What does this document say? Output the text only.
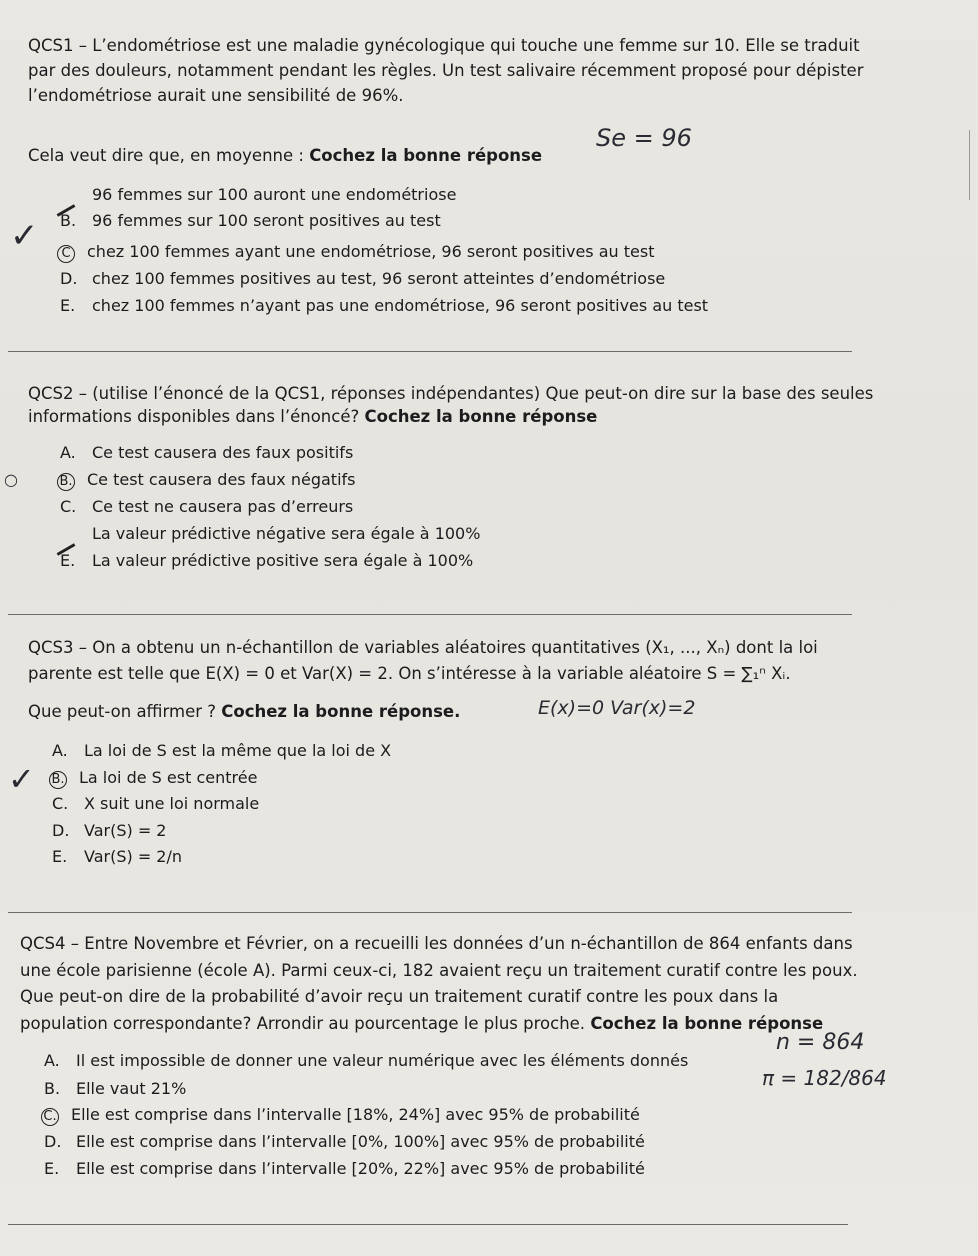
QCS1 – L’endométriose est une maladie gynécologique qui touche une femme sur 10. Elle se traduit
par des douleurs, notamment pendant les règles. Un test salivaire récemment proposé pour dépister
l’endométriose aurait une sensibilité de 96%.
Cela veut dire que, en moyenne : Cochez la bonne réponse
Se = 96
96 femmes sur 100 auront une endométriose
B. 96 femmes sur 100 seront positives au test
✓ C chez 100 femmes ayant une endométriose, 96 seront positives au test
D. chez 100 femmes positives au test, 96 seront atteintes d’endométriose
E. chez 100 femmes n’ayant pas une endométriose, 96 seront positives au test
QCS2 – (utilise l’énoncé de la QCS1, réponses indépendantes) Que peut-on dire sur la base des seules
informations disponibles dans l’énoncé? Cochez la bonne réponse
A. Ce test causera des faux positifs
○	B. Ce test causera des faux négatifs
C. Ce test ne causera pas d’erreurs
La valeur prédictive négative sera égale à 100%
E. La valeur prédictive positive sera égale à 100%
QCS3 – On a obtenu un n-échantillon de variables aléatoires quantitatives (X₁, ..., Xₙ) dont la loi
parente est telle que E(X) = 0 et Var(X) = 2. On s’intéresse à la variable aléatoire S = ∑₁ⁿ Xᵢ.
Que peut-on affirmer ? Cochez la bonne réponse.	E(x)=0 Var(x)=2
A. La loi de S est la même que la loi de X
✓ B. La loi de S est centrée
C. X suit une loi normale
D. Var(S) = 2
E. Var(S) = 2/n
QCS4 – Entre Novembre et Février, on a recueilli les données d’un n-échantillon de 864 enfants dans
une école parisienne (école A). Parmi ceux-ci, 182 avaient reçu un traitement curatif contre les poux.
Que peut-on dire de la probabilité d’avoir reçu un traitement curatif contre les poux dans la
population correspondante? Arrondir au pourcentage le plus proche. Cochez la bonne réponse
n = 864
A. Il est impossible de donner une valeur numérique avec les éléments donnés
π = 182/864
B. Elle vaut 21%
C. Elle est comprise dans l’intervalle [18%, 24%] avec 95% de probabilité
D. Elle est comprise dans l’intervalle [0%, 100%] avec 95% de probabilité
E. Elle est comprise dans l’intervalle [20%, 22%] avec 95% de probabilité
